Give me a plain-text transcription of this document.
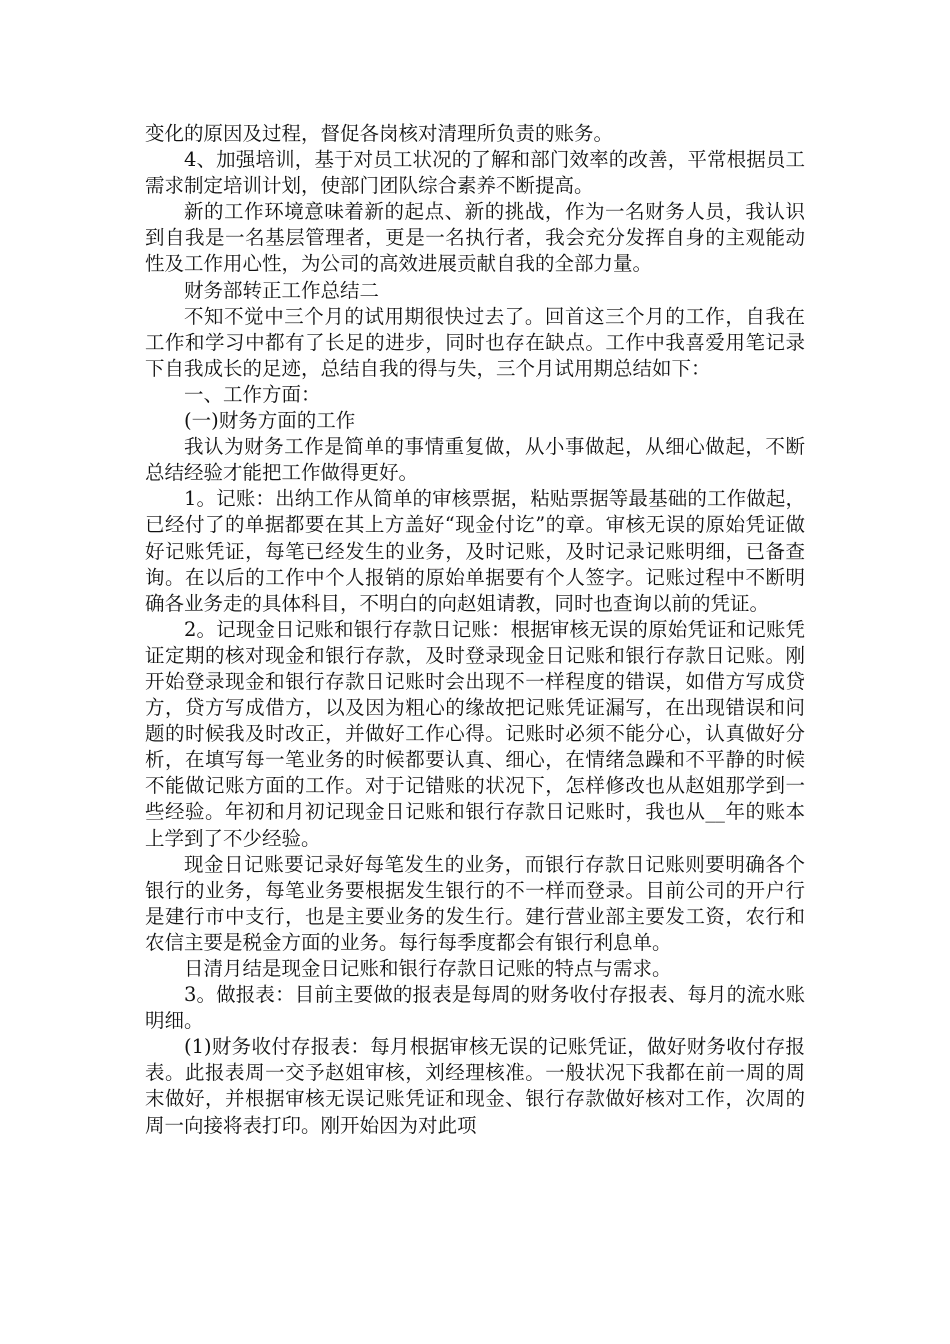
变化的原因及过程，督促各岗核对清理所负责的账务。

4、加强培训，基于对员工状况的了解和部门效率的改善，平常根据员工需求制定培训计划，使部门团队综合素养不断提高。

新的工作环境意味着新的起点、新的挑战，作为一名财务人员，我认识到自我是一名基层管理者，更是一名执行者，我会充分发挥自身的主观能动性及工作用心性，为公司的高效进展贡献自我的全部力量。

财务部转正工作总结二

不知不觉中三个月的试用期很快过去了。回首这三个月的工作，自我在工作和学习中都有了长足的进步，同时也存在缺点。工作中我喜爱用笔记录下自我成长的足迹，总结自我的得与失，三个月试用期总结如下：

一、工作方面：

(一)财务方面的工作

我认为财务工作是简单的事情重复做，从小事做起，从细心做起，不断总结经验才能把工作做得更好。

1。记账：出纳工作从简单的审核票据，粘贴票据等最基础的工作做起，已经付了的单据都要在其上方盖好“现金付讫”的章。审核无误的原始凭证做好记账凭证，每笔已经发生的业务，及时记账，及时记录记账明细，已备查询。在以后的工作中个人报销的原始单据要有个人签字。记账过程中不断明确各业务走的具体科目，不明白的向赵姐请教，同时也查询以前的凭证。

2。记现金日记账和银行存款日记账：根据审核无误的原始凭证和记账凭证定期的核对现金和银行存款，及时登录现金日记账和银行存款日记账。刚开始登录现金和银行存款日记账时会出现不一样程度的错误，如借方写成贷方，贷方写成借方，以及因为粗心的缘故把记账凭证漏写，在出现错误和问题的时候我及时改正，并做好工作心得。记账时必须不能分心，认真做好分析，在填写每一笔业务的时候都要认真、细心，在情绪急躁和不平静的时候不能做记账方面的工作。对于记错账的状况下，怎样修改也从赵姐那学到一些经验。年初和月初记现金日记账和银行存款日记账时，我也从__年的账本上学到了不少经验。

现金日记账要记录好每笔发生的业务，而银行存款日记账则要明确各个银行的业务，每笔业务要根据发生银行的不一样而登录。目前公司的开户行是建行市中支行，也是主要业务的发生行。建行营业部主要发工资，农行和农信主要是税金方面的业务。每行每季度都会有银行利息单。

日清月结是现金日记账和银行存款日记账的特点与需求。

3。做报表：目前主要做的报表是每周的财务收付存报表、每月的流水账明细。

(1)财务收付存报表：每月根据审核无误的记账凭证，做好财务收付存报表。此报表周一交予赵姐审核，刘经理核准。一般状况下我都在前一周的周末做好，并根据审核无误记账凭证和现金、银行存款做好核对工作，次周的周一向接将表打印。刚开始因为对此项
